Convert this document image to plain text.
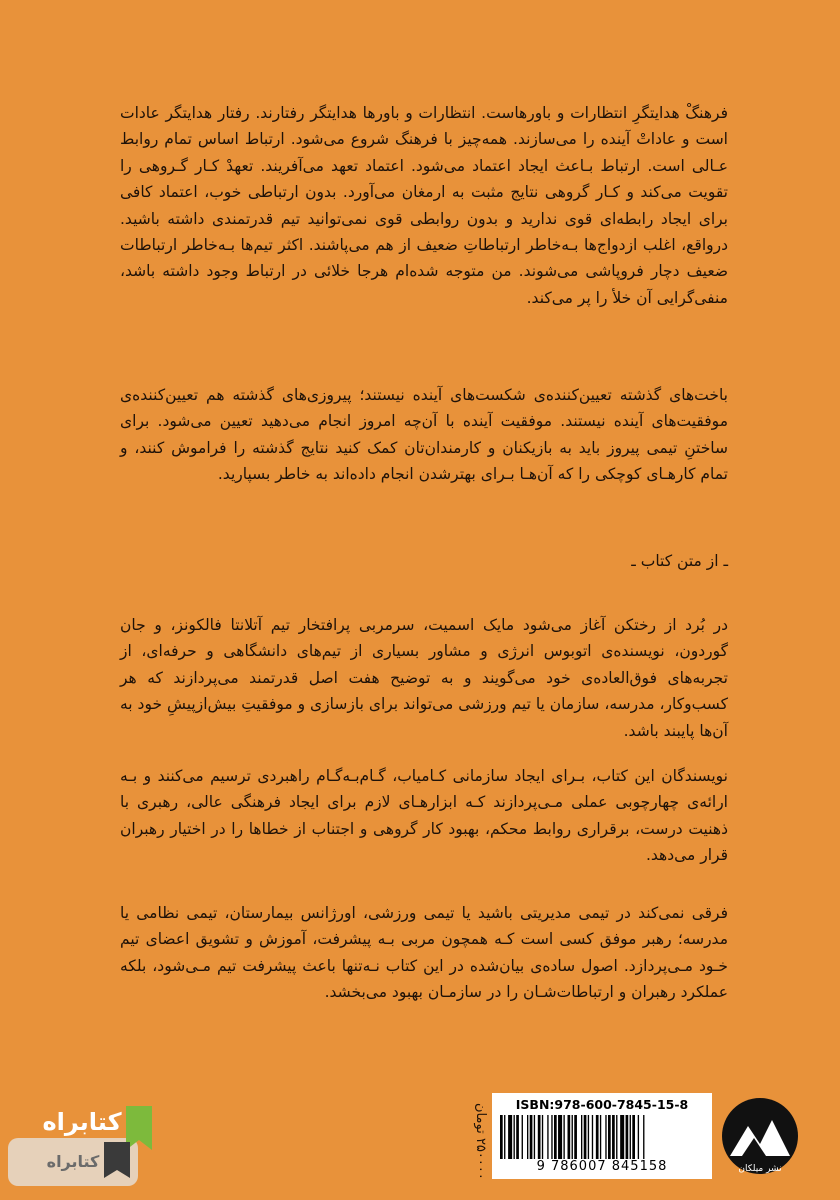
فرهنگْ هدایتگرِ انتظارات و باورهاست. انتظارات و باورها هدایتگر رفتارند. رفتار هدایتگر عادات است و عاداتْ آینده را می‌سازند. همه‌چیز با فرهنگ شروع می‌شود. ارتباط اساس تمام روابط عـالی است. ارتباط بـاعث ایجاد اعتماد می‌شود. اعتماد تعهد می‌آفریند. تعهدْ کـار گـروهی را تقویت می‌کند و کـار گروهی نتایج مثبت به ارمغان می‌آورد. بدون ارتباطی خوب، اعتماد کافی برای ایجاد رابطه‌ای قوی ندارید و بدون روابطی قوی نمی‌توانید تیم قدرتمندی داشته باشید. درواقع، اغلب ازدواج‌ها بـه‌خاطر ارتباطاتِ ضعیف از هم می‌پاشند. اکثر تیم‌ها بـه‌خاطر ارتباطات ضعیف دچار فروپاشی می‌شوند. من متوجه شده‌ام هرجا خلائی در ارتباط وجود داشته باشد، منفی‌گرایی آن خلأ را پر می‌کند.
باخت‌های گذشته تعیین‌کننده‌ی شکست‌های آینده نیستند؛ پیروزی‌های گذشته هم تعیین‌کننده‌ی موفقیت‌های آینده نیستند. موفقیت آینده با آن‌چه امروز انجام می‌دهید تعیین می‌شود. برای ساختنِ تیمی پیروز باید به بازیکنان و کارمندان‌تان کمک کنید نتایج گذشته را فراموش کنند، و تمام کارهـای کوچکی را که آن‌هـا بـرای بهترشدن انجام داده‌اند به خاطر بسپارید.
ـ از متن کتاب ـ
در بُرد از رختکن آغاز می‌شود مایک اسمیت، سرمربی پرافتخار تیم آتلانتا فالکونز، و جان گوردون، نویسنده‌ی اتوبوس انرژی و مشاور بسیاری از تیم‌های دانشگاهی و حرفه‌ای، از تجربه‌های فوق‌العاده‌ی خود می‌گویند و به توضیح هفت اصل قدرتمند می‌پردازند که هر کسب‌وکار، مدرسه، سازمان یا تیم ورزشی می‌تواند برای بازسازی و موفقیتِ بیش‌ازپیشِ خود به آن‌ها پایبند باشد.
نویسندگان این کتاب، بـرای ایجاد سازمانی کـامیاب، گـام‌بـه‌گـام راهبردی ترسیم می‌کنند و بـه ارائه‌ی چهارچوبی عملی مـی‌پردازند کـه ابزارهـای لازم برای ایجاد فرهنگی عالی، رهبری با ذهنیت درست، برقراری روابط محکم، بهبود کار گروهی و اجتناب از خطاها را در اختیار رهبران قرار می‌دهد.
فرقی نمی‌کند در تیمی مدیریتی باشید یا تیمی ورزشی، اورژانس بیمارستان، تیمی نظامی یا مدرسه؛ رهبر موفق کسی است کـه همچون مربی بـه پیشرفت، آموزش و تشویق اعضای تیم خـود مـی‌پردازد. اصول ساده‌ی بیان‌شده در این کتاب نـه‌تنها باعث پیشرفت تیم مـی‌شود، بلکه عملکرد رهبران و ارتباطات‌شـان را در سازمـان بهبود می‌بخشد.
۲۵۰۰۰۰ تومان
ISBN:978-600-7845-15-8
9 786007 845158	نشر میلکان
کتابراه
کتابراه
